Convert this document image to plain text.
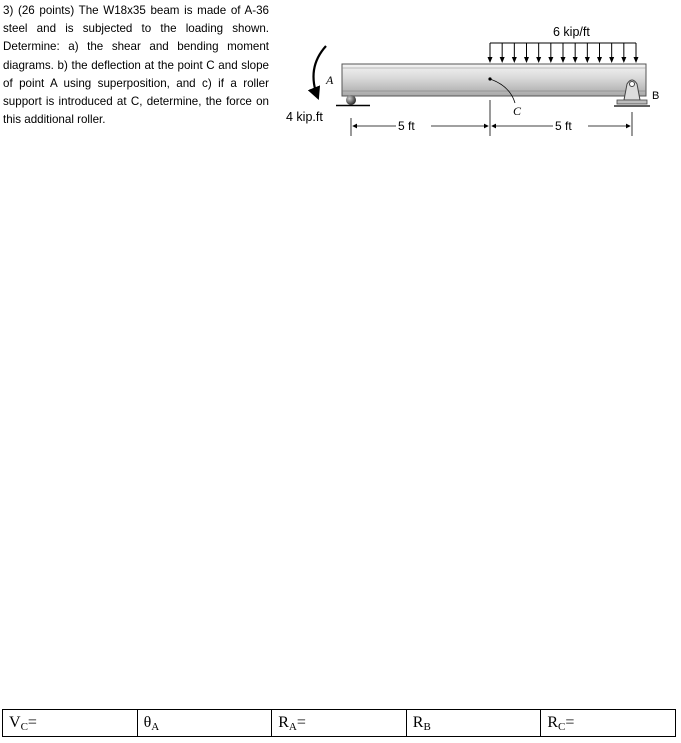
3) (26 points) The W18x35 beam is made of A-36 steel and is subjected to the loading shown. Determine: a) the shear and bending moment diagrams. b) the deflection at the point C and slope of point A using superposition, and c) if a roller support is introduced at C, determine, the force on this additional roller.

6 kip/ft
B
A
4 kip.ft	C
5 ft	5 ft
$V_C=$	$\theta_A$	$R_A=$	$R_B$	$R_C=$
